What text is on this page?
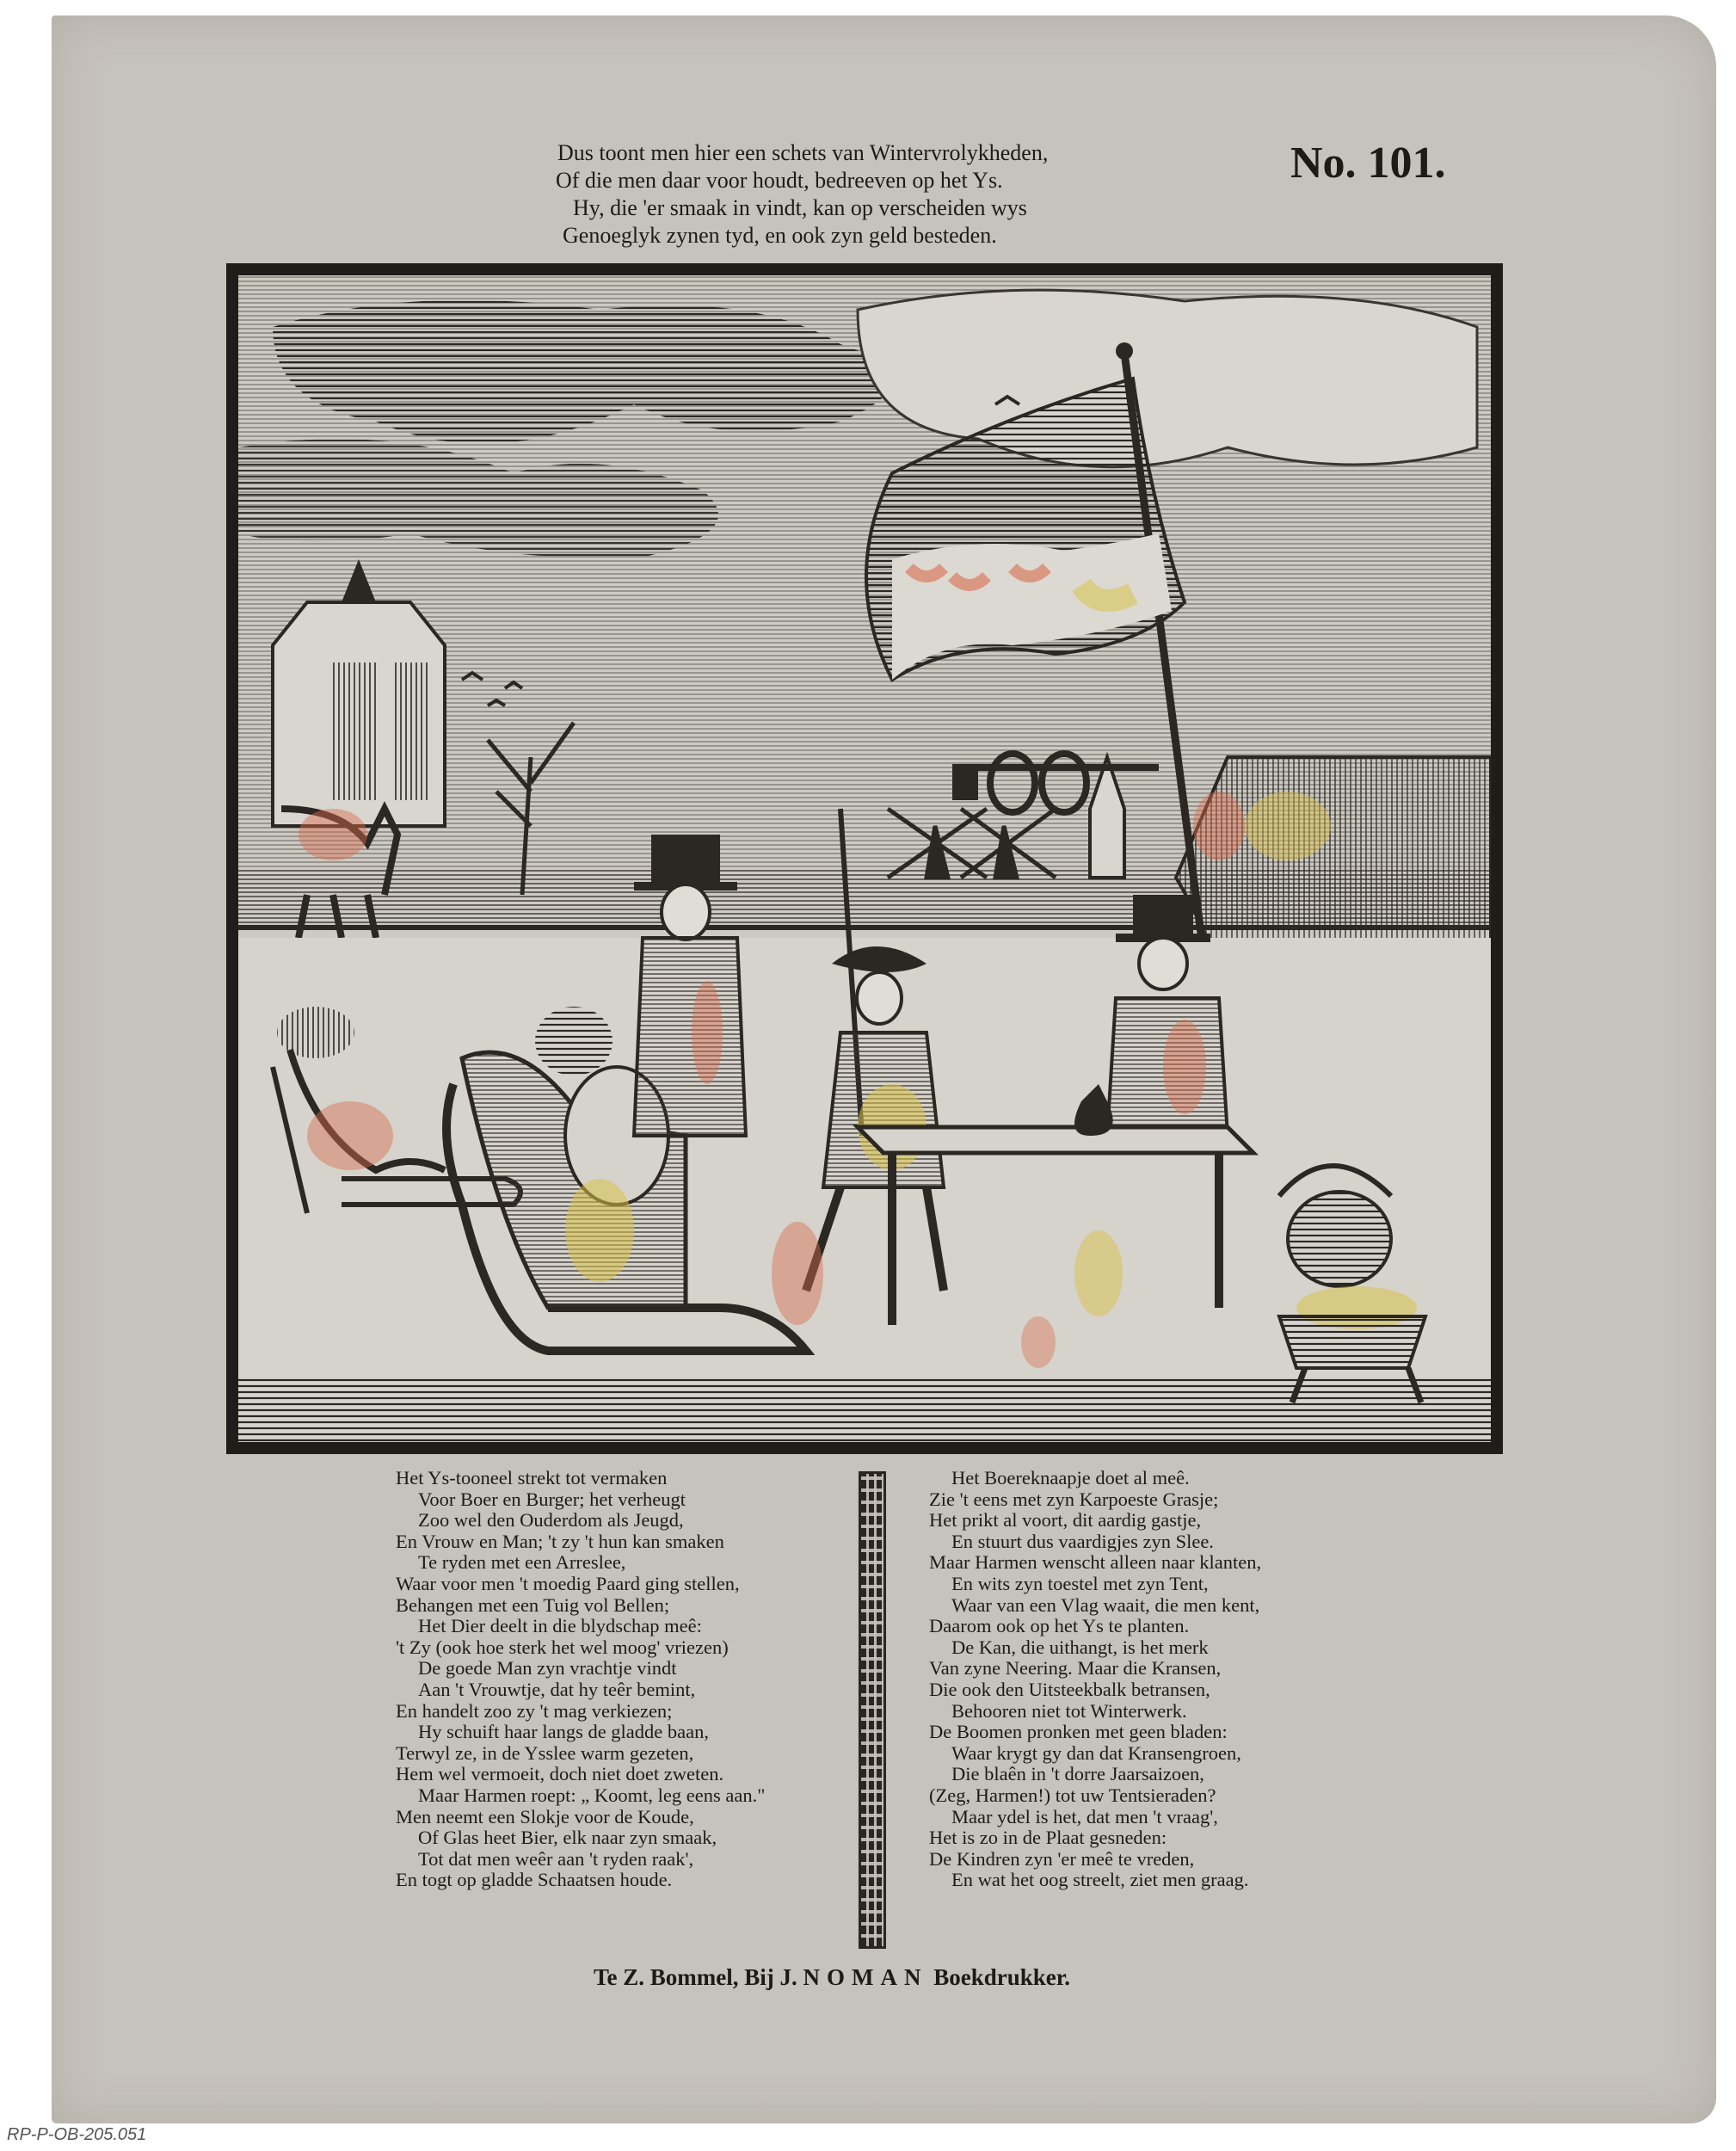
Dus toont men hier een schets van Wintervrolykheden,
Of die men daar voor houdt, bedreeven op het Ys.
Hy, die 'er smaak in vindt, kan op verscheiden wys
Genoeglyk zynen tyd, en ook zyn geld besteden.
No. 101.
Het Ys-tooneel strekt tot vermaken
Voor Boer en Burger; het verheugt
Zoo wel den Ouderdom als Jeugd,
En Vrouw en Man; 't zy 't hun kan smaken
Te ryden met een Arreslee,
Waar voor men 't moedig Paard ging stellen,
Behangen met een Tuig vol Bellen;
Het Dier deelt in die blydschap meê:
't Zy (ook hoe sterk het wel moog' vriezen)
De goede Man zyn vrachtje vindt
Aan 't Vrouwtje, dat hy teêr bemint,
En handelt zoo zy 't mag verkiezen;
Hy schuift haar langs de gladde baan,
Terwyl ze, in de Ysslee warm gezeten,
Hem wel vermoeit, doch niet doet zweten.
Maar Harmen roept: „ Koomt, leg eens aan."
Men neemt een Slokje voor de Koude,
Of Glas heet Bier, elk naar zyn smaak,
Tot dat men weêr aan 't ryden raak',
En togt op gladde Schaatsen houde.
Het Boereknaapje doet al meê.
Zie 't eens met zyn Karpoeste Grasje;
Het prikt al voort, dit aardig gastje,
En stuurt dus vaardigjes zyn Slee.
Maar Harmen wenscht alleen naar klanten,
En wits zyn toestel met zyn Tent,
Waar van een Vlag waait, die men kent,
Daarom ook op het Ys te planten.
De Kan, die uithangt, is het merk
Van zyne Neering. Maar die Kransen,
Die ook den Uitsteekbalk betransen,
Behooren niet tot Winterwerk.
De Boomen pronken met geen bladen:
Waar krygt gy dan dat Kransengroen,
Die blaên in 't dorre Jaarsaizoen,
(Zeg, Harmen!) tot uw Tentsieraden?
Maar ydel is het, dat men 't vraag',
Het is zo in de Plaat gesneden:
De Kindren zyn 'er meê te vreden,
En wat het oog streelt, ziet men graag.
Te Z. Bommel, Bij J. NOMAN Boekdrukker.
RP-P-OB-205.051
